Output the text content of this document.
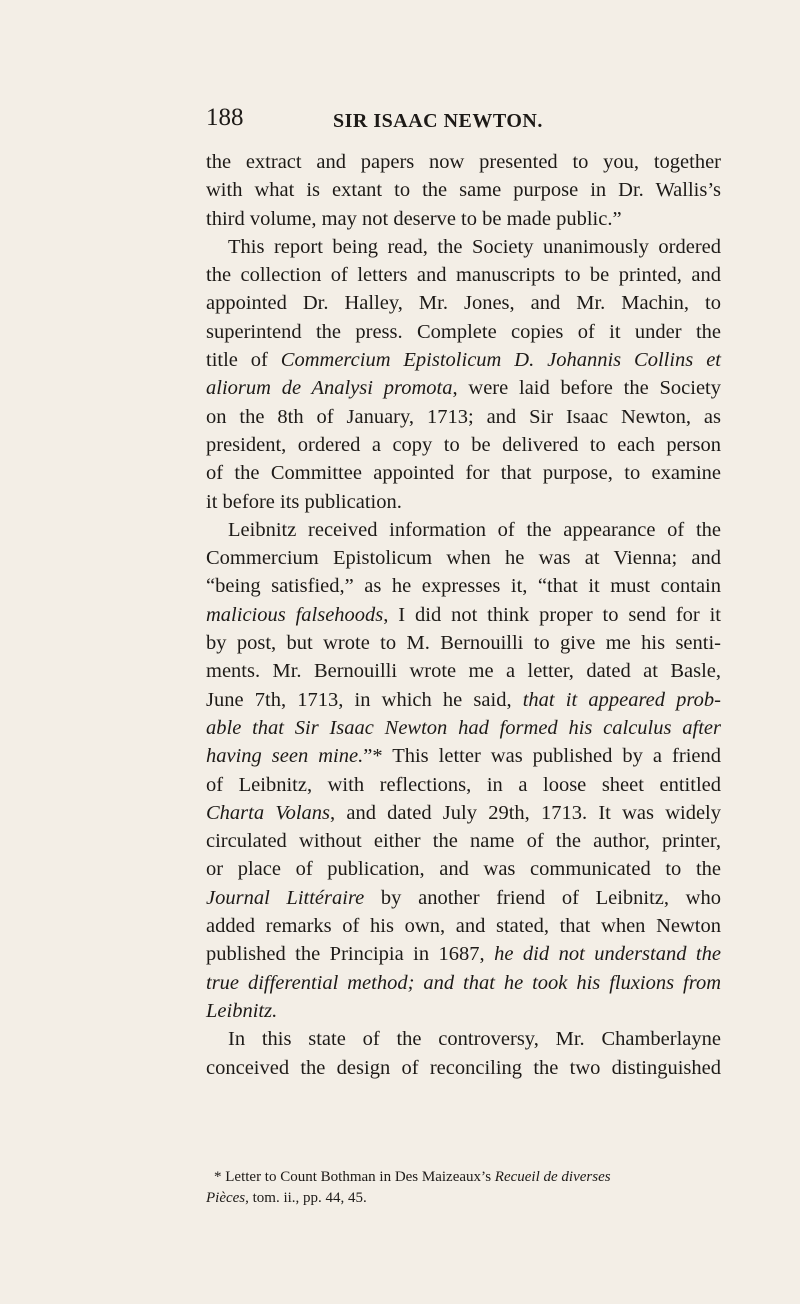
188	SIR ISAAC NEWTON.
the extract and papers now presented to you, together
with what is extant to the same purpose in Dr. Wallis’s
third volume, may not deserve to be made public.”
This report being read, the Society unanimously ordered
the collection of letters and manuscripts to be printed, and
appointed Dr. Halley, Mr. Jones, and Mr. Machin, to
superintend the press. Complete copies of it under the
title of Commercium Epistolicum D. Johannis Collins et
aliorum de Analysi promota, were laid before the Society
on the 8th of January, 1713; and Sir Isaac Newton, as
president, ordered a copy to be delivered to each person
of the Committee appointed for that purpose, to examine
it before its publication.
Leibnitz received information of the appearance of the
Commercium Epistolicum when he was at Vienna; and
“being satisfied,” as he expresses it, “that it must contain
malicious falsehoods, I did not think proper to send for it
by post, but wrote to M. Bernouilli to give me his senti-
ments. Mr. Bernouilli wrote me a letter, dated at Basle,
June 7th, 1713, in which he said, that it appeared prob-
able that Sir Isaac Newton had formed his calculus after
having seen mine.”* This letter was published by a friend
of Leibnitz, with reflections, in a loose sheet entitled
Charta Volans, and dated July 29th, 1713. It was widely
circulated without either the name of the author, printer,
or place of publication, and was communicated to the
Journal Littéraire by another friend of Leibnitz, who
added remarks of his own, and stated, that when Newton
published the Principia in 1687, he did not understand the
true differential method; and that he took his fluxions from
Leibnitz.
In this state of the controversy, Mr. Chamberlayne
conceived the design of reconciling the two distinguished
* Letter to Count Bothman in Des Maizeaux’s Recueil de diverses
Pièces, tom. ii., pp. 44, 45.
